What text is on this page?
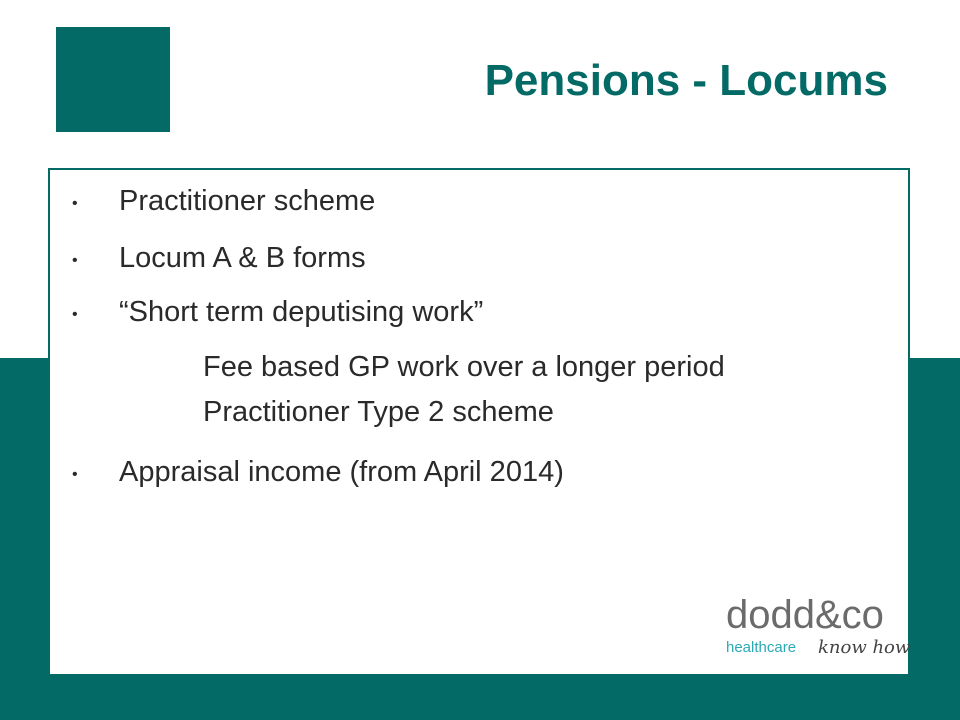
Pensions - Locums
• Practitioner scheme
• Locum A & B forms
• “Short term deputising work”
Fee based GP work over a longer period
Practitioner Type 2 scheme
• Appraisal income (from April 2014)
dodd&co
healthcare know how
